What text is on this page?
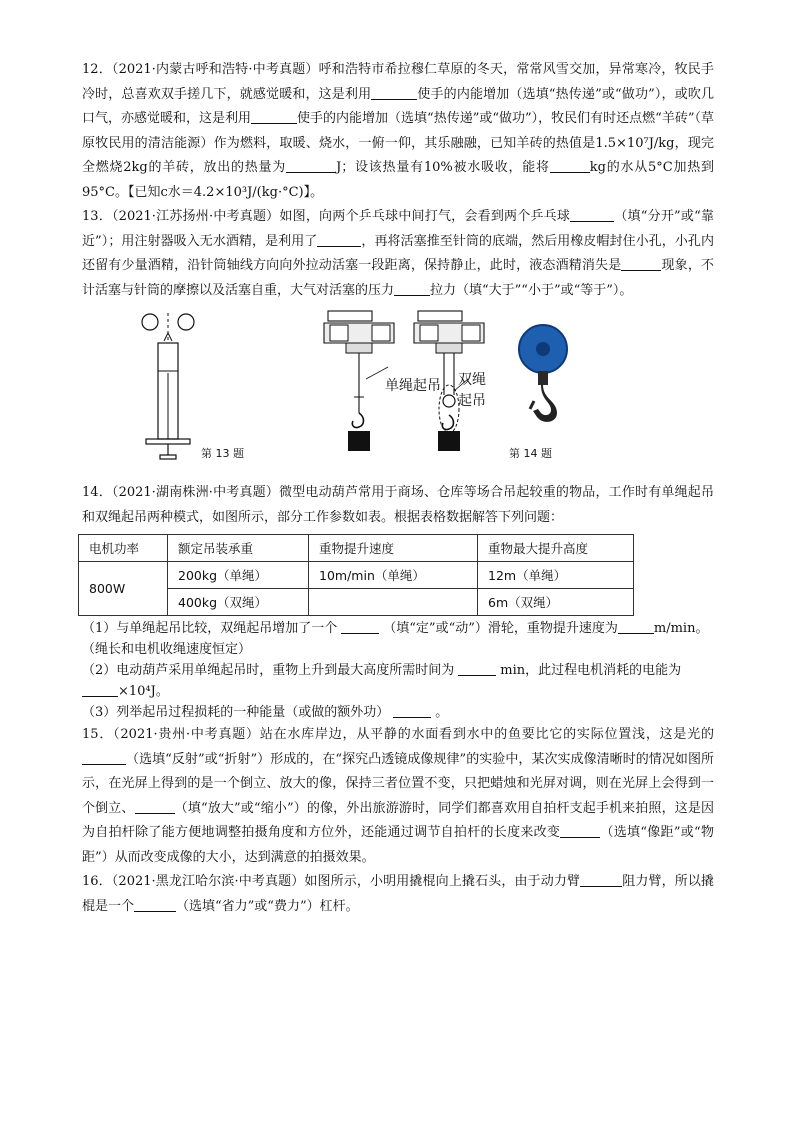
12．（2021·内蒙古呼和浩特·中考真题）呼和浩特市希拉穆仁草原的冬天，常常风雪交加，异常寒冷，牧民手冷时，总喜欢双手搓几下，就感觉暖和，这是利用	使手的内能增加（选填“热传递”或“做功”），或吹几口气，亦感觉暖和，这是利用	使手的内能增加（选填“热传递”或“做功”），牧民们有时还点燃“羊砖”（草原牧民用的清洁能源）作为燃料，取暖、烧水，一俯一仰，其乐融融，已知羊砖的热值是1.5×10⁷J/kg，现完全燃烧2kg的羊砖，放出的热量为	J；设该热量有10%被水吸收，能将	kg的水从5°C加热到95°C。【已知c水＝4.2×10³J/(kg·°C)】。

13．（2021·江苏扬州·中考真题）如图，向两个乒乓球中间打气，会看到两个乒乓球	（填“分开”或“靠近”）；用注射器吸入无水酒精，是利用了	，再将活塞推至针筒的底端，然后用橡皮帽封住小孔，小孔内还留有少量酒精，沿针筒轴线方向向外拉动活塞一段距离，保持静止，此时，液态酒精消失是	现象，不计活塞与针筒的摩擦以及活塞自重，大气对活塞的压力	拉力（填“大于”“小于”或“等于”）。

第 13 题
单绳起吊 双绳
起吊
第 14 题

14．（2021·湖南株洲·中考真题）微型电动葫芦常用于商场、仓库等场合吊起较重的物品，工作时有单绳起吊和双绳起吊两种模式，如图所示，部分工作参数如表。根据表格数据解答下列问题：

电机功率	额定吊装承重	重物提升速度	重物最大提升高度
800W	200kg（单绳）	10m/min（单绳）	12m（单绳）
	400kg（双绳）		6m（双绳）

（1）与单绳起吊比较，双绳起吊增加了一个	（填“定”或“动”）滑轮，重物提升速度为	m/min。（绳长和电机收绳速度恒定）

（2）电动葫芦采用单绳起吊时，重物上升到最大高度所需时间为	min，此过程电机消耗的电能为×10⁴J。

（3）列举起吊过程损耗的一种能量（或做的额外功）	。

15．（2021·贵州·中考真题）站在水库岸边，从平静的水面看到水中的鱼要比它的实际位置浅，这是光的（选填“反射”或“折射”）形成的，在“探究凸透镜成像规律”的实验中，某次实成像清晰时的情况如图所示，在光屏上得到的是一个倒立、放大的像，保持三者位置不变，只把蜡烛和光屏对调，则在光屏上会得到一个倒立、	（填“放大”或“缩小”）的像，外出旅游游时，同学们都喜欢用自拍杆支起手机来拍照，这是因为自拍杆除了能方便地调整拍摄角度和方位外，还能通过调节自拍杆的长度来改变	（选填“像距”或“物距”）从而改变成像的大小，达到满意的拍摄效果。

16．（2021·黑龙江哈尔滨·中考真题）如图所示，小明用撬棍向上撬石头，由于动力臂	阻力臂，所以撬棍是一个	（选填“省力”或“费力”）杠杆。
